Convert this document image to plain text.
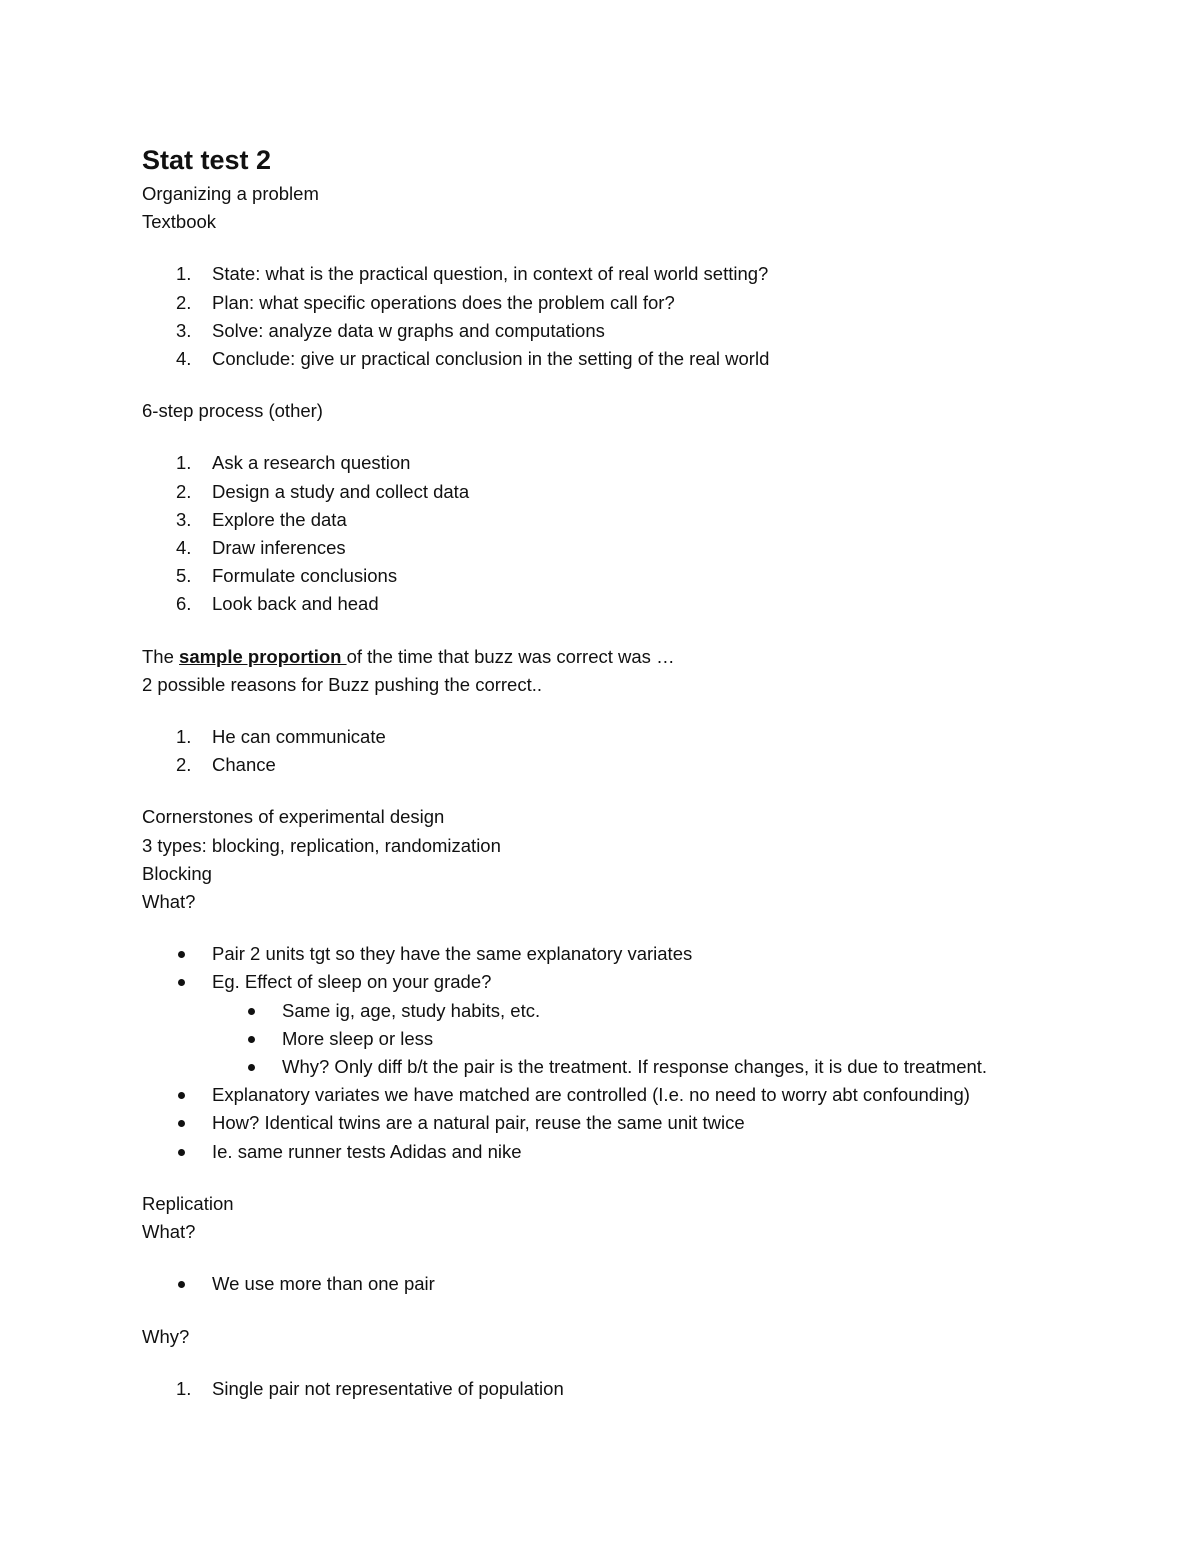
Stat test 2

Organizing a problem

Textbook

1.	State: what is the practical question, in context of real world setting?
2.	Plan: what specific operations does the problem call for?
3.	Solve: analyze data w graphs and computations
4.	Conclude: give ur practical conclusion in the setting of the real world

6-step process (other)

1.	Ask a research question
2.	Design a study and collect data
3.	Explore the data
4.	Draw inferences
5.	Formulate conclusions
6.	Look back and head

The sample proportion of the time that buzz was correct was …

2 possible reasons for Buzz pushing the correct..

1.	He can communicate
2.	Chance

Cornerstones of experimental design

3 types: blocking, replication, randomization

Blocking

What?

Pair 2 units tgt so they have the same explanatory variates
Eg. Effect of sleep on your grade?
Same ig, age, study habits, etc.
More sleep or less
Why? Only diff b/t the pair is the treatment. If response changes, it is due to treatment.
Explanatory variates we have matched are controlled (I.e. no need to worry abt confounding)
How? Identical twins are a natural pair, reuse the same unit twice
Ie. same runner tests Adidas and nike

Replication

What?

We use more than one pair

Why?

1.	Single pair not representative of population
